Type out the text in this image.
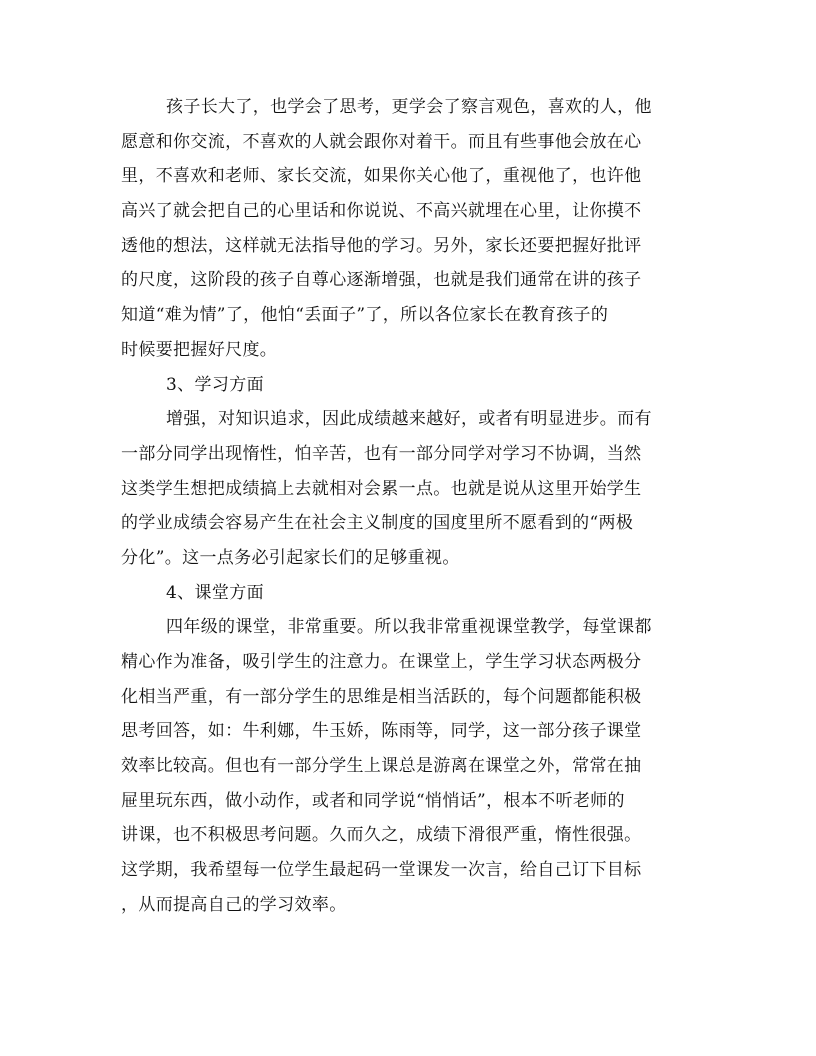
孩子长大了，也学会了思考，更学会了察言观色，喜欢的人，他
愿意和你交流，不喜欢的人就会跟你对着干。而且有些事他会放在心
里，不喜欢和老师、家长交流，如果你关心他了，重视他了，也许他
高兴了就会把自己的心里话和你说说、不高兴就埋在心里，让你摸不
透他的想法，这样就无法指导他的学习。另外，家长还要把握好批评
的尺度，这阶段的孩子自尊心逐渐增强，也就是我们通常在讲的孩子
知道“难为情”了，他怕“丢面子”了，所以各位家长在教育孩子的
时候要把握好尺度。
3、学习方面
增强，对知识追求，因此成绩越来越好，或者有明显进步。而有
一部分同学出现惰性，怕辛苦，也有一部分同学对学习不协调，当然
这类学生想把成绩搞上去就相对会累一点。也就是说从这里开始学生
的学业成绩会容易产生在社会主义制度的国度里所不愿看到的“两极
分化”。这一点务必引起家长们的足够重视。
4、课堂方面
四年级的课堂，非常重要。所以我非常重视课堂教学，每堂课都
精心作为准备，吸引学生的注意力。在课堂上，学生学习状态两极分
化相当严重，有一部分学生的思维是相当活跃的，每个问题都能积极
思考回答，如：牛利娜，牛玉娇，陈雨等，同学，这一部分孩子课堂
效率比较高。但也有一部分学生上课总是游离在课堂之外，常常在抽
屉里玩东西，做小动作，或者和同学说“悄悄话”，根本不听老师的
讲课，也不积极思考问题。久而久之，成绩下滑很严重，惰性很强。
这学期，我希望每一位学生最起码一堂课发一次言，给自己订下目标
，从而提高自己的学习效率。
